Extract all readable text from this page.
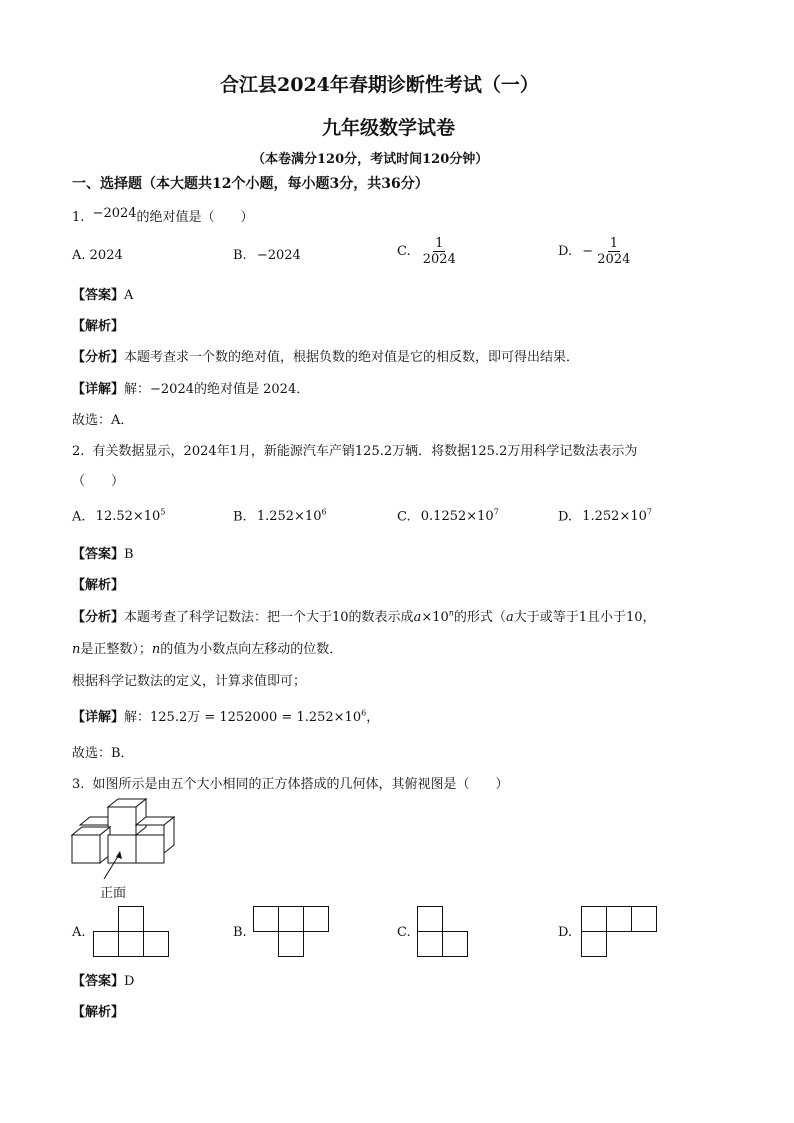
合江县2024年春期诊断性考试（一）
九年级数学试卷
（本卷满分120分，考试时间120分钟）
一、选择题（本大题共12个小题，每小题3分，共36分）
1. −2024的绝对值是（　　）
A. 2024	B. −2024	C. $\frac{1}{2024}$	D. − $\frac{1}{2024}$
【答案】A
【解析】
【分析】本题考查求一个数的绝对值，根据负数的绝对值是它的相反数，即可得出结果．
【详解】解：−2024的绝对值是 2024．
故选：A．
2. 有关数据显示，2024年1月，新能源汽车产销125.2万辆．将数据125.2万用科学记数法表示为
（　　）
A. $12.52\times 10^5$	B. $1.252\times 10^6$	C. $0.1252\times 10^7$	D. $1.252\times 10^7$
【答案】B
【解析】
【分析】本题考查了科学记数法：把一个大于10的数表示成$a\times 10^n$的形式（a大于或等于1且小于10，
n是正整数）；n的值为小数点向左移动的位数．
根据科学记数法的定义，计算求值即可；
【详解】解：125.2万 = $1252000 = 1.252\times 10^6$，
故选：B．
3. 如图所示是由五个大小相同的正方体搭成的几何体，其俯视图是（　　）
正面
A.	B.	C.	D.
【答案】D
【解析】
